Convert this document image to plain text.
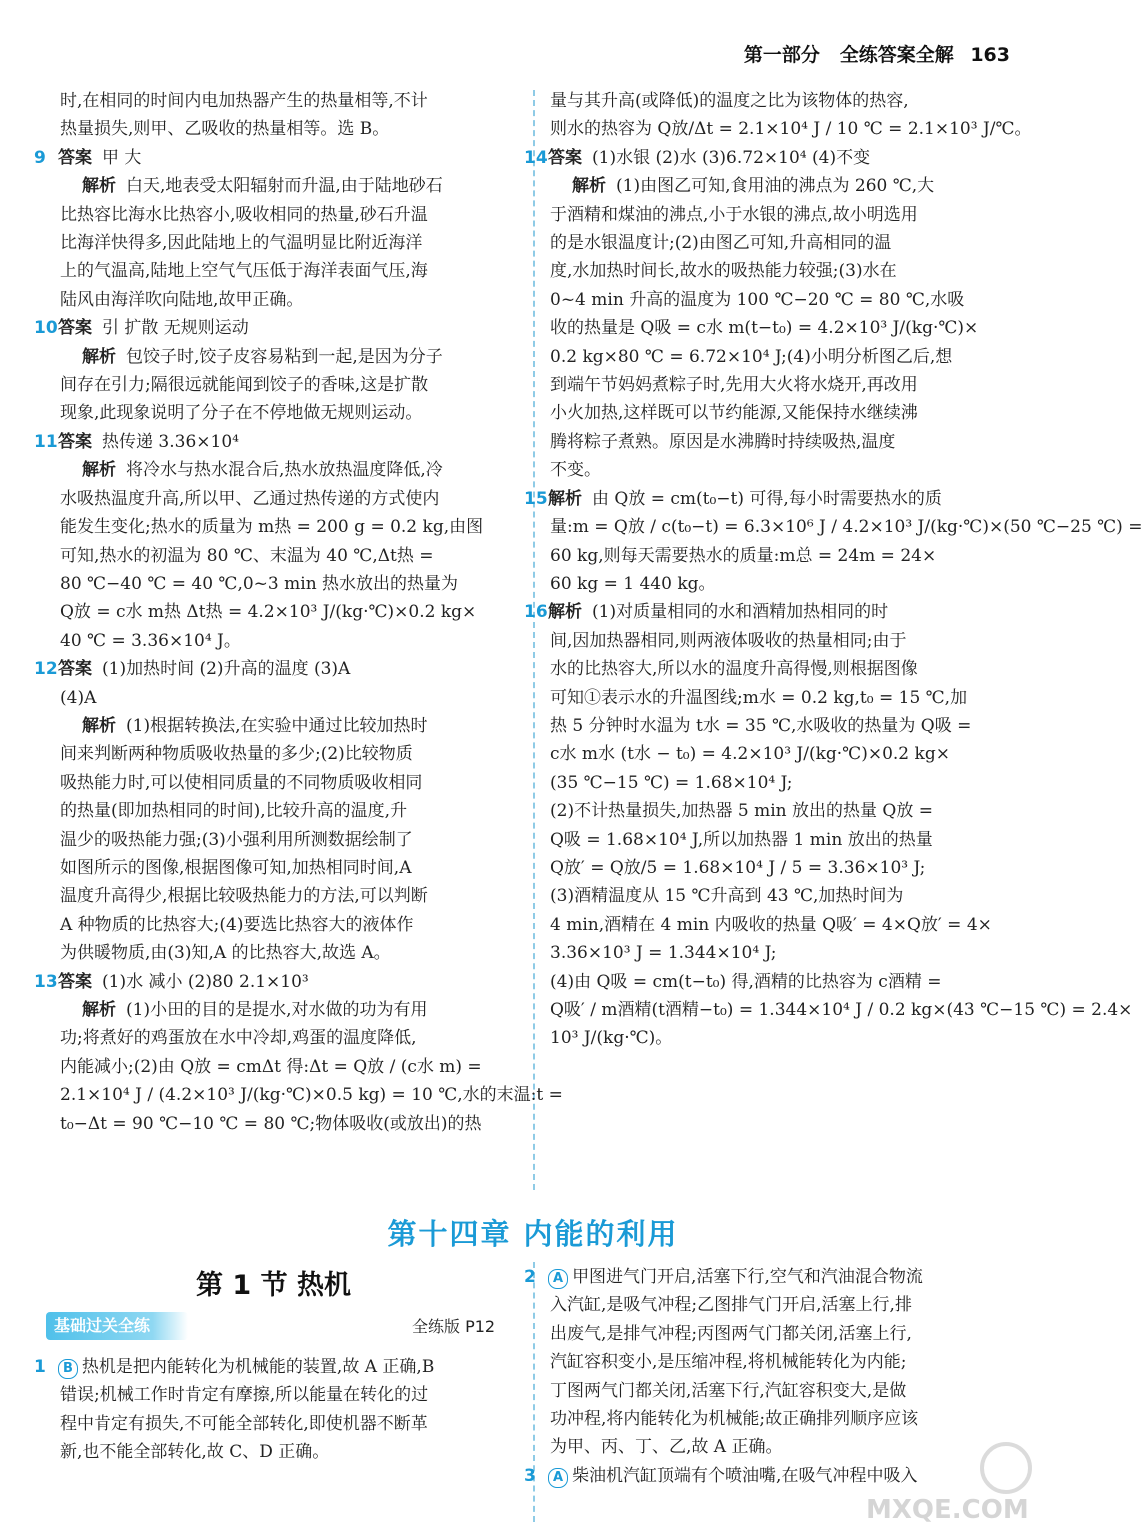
第一部分 全练答案全解 163
时,在相同的时间内电加热器产生的热量相等,不计
热量损失,则甲、乙吸收的热量相等。选 B。
9 答案 甲 大
解析 白天,地表受太阳辐射而升温,由于陆地砂石
比热容比海水比热容小,吸收相同的热量,砂石升温
比海洋快得多,因此陆地上的气温明显比附近海洋
上的气温高,陆地上空气气压低于海洋表面气压,海
陆风由海洋吹向陆地,故甲正确。
10答案 引 扩散 无规则运动
解析 包饺子时,饺子皮容易粘到一起,是因为分子
间存在引力;隔很远就能闻到饺子的香味,这是扩散
现象,此现象说明了分子在不停地做无规则运动。
11答案 热传递 3.36×10⁴
解析 将冷水与热水混合后,热水放热温度降低,冷
水吸热温度升高,所以甲、乙通过热传递的方式使内
能发生变化;热水的质量为 m热 = 200 g = 0.2 kg,由图
可知,热水的初温为 80 ℃、末温为 40 ℃,Δt热 =
80 ℃−40 ℃ = 40 ℃,0~3 min 热水放出的热量为
Q放 = c水 m热 Δt热 = 4.2×10³ J/(kg·℃)×0.2 kg×
40 ℃ = 3.36×10⁴ J。
12答案 (1)加热时间 (2)升高的温度 (3)A
(4)A
解析 (1)根据转换法,在实验中通过比较加热时
间来判断两种物质吸收热量的多少;(2)比较物质
吸热能力时,可以使相同质量的不同物质吸收相同
的热量(即加热相同的时间),比较升高的温度,升
温少的吸热能力强;(3)小强利用所测数据绘制了
如图所示的图像,根据图像可知,加热相同时间,A
温度升高得少,根据比较吸热能力的方法,可以判断
A 种物质的比热容大;(4)要选比热容大的液体作
为供暖物质,由(3)知,A 的比热容大,故选 A。
13答案 (1)水 减小 (2)80 2.1×10³
解析 (1)小田的目的是提水,对水做的功为有用
功;将煮好的鸡蛋放在水中冷却,鸡蛋的温度降低,
内能减小;(2)由 Q放 = cmΔt 得:Δt = Q放 / (c水 m) =
2.1×10⁴ J / (4.2×10³ J/(kg·℃)×0.5 kg) = 10 ℃,水的末温:t =
t₀−Δt = 90 ℃−10 ℃ = 80 ℃;物体吸收(或放出)的热
量与其升高(或降低)的温度之比为该物体的热容,
则水的热容为 Q放/Δt = 2.1×10⁴ J / 10 ℃ = 2.1×10³ J/℃。
14答案 (1)水银 (2)水 (3)6.72×10⁴ (4)不变
解析 (1)由图乙可知,食用油的沸点为 260 ℃,大
于酒精和煤油的沸点,小于水银的沸点,故小明选用
的是水银温度计;(2)由图乙可知,升高相同的温
度,水加热时间长,故水的吸热能力较强;(3)水在
0~4 min 升高的温度为 100 ℃−20 ℃ = 80 ℃,水吸
收的热量是 Q吸 = c水 m(t−t₀) = 4.2×10³ J/(kg·℃)×
0.2 kg×80 ℃ = 6.72×10⁴ J;(4)小明分析图乙后,想
到端午节妈妈煮粽子时,先用大火将水烧开,再改用
小火加热,这样既可以节约能源,又能保持水继续沸
腾将粽子煮熟。原因是水沸腾时持续吸热,温度
不变。
15解析 由 Q放 = cm(t₀−t) 可得,每小时需要热水的质
量:m = Q放 / c(t₀−t) = 6.3×10⁶ J / 4.2×10³ J/(kg·℃)×(50 ℃−25 ℃) =
60 kg,则每天需要热水的质量:m总 = 24m = 24×
60 kg = 1 440 kg。
16解析 (1)对质量相同的水和酒精加热相同的时
间,因加热器相同,则两液体吸收的热量相同;由于
水的比热容大,所以水的温度升高得慢,则根据图像
可知①表示水的升温图线;m水 = 0.2 kg,t₀ = 15 ℃,加
热 5 分钟时水温为 t水 = 35 ℃,水吸收的热量为 Q吸 =
c水 m水 (t水 − t₀) = 4.2×10³ J/(kg·℃)×0.2 kg×
(35 ℃−15 ℃) = 1.68×10⁴ J;
(2)不计热量损失,加热器 5 min 放出的热量 Q放 =
Q吸 = 1.68×10⁴ J,所以加热器 1 min 放出的热量
Q放′ = Q放/5 = 1.68×10⁴ J / 5 = 3.36×10³ J;
(3)酒精温度从 15 ℃升高到 43 ℃,加热时间为
4 min,酒精在 4 min 内吸收的热量 Q吸′ = 4×Q放′ = 4×
3.36×10³ J = 1.344×10⁴ J;
(4)由 Q吸 = cm(t−t₀) 得,酒精的比热容为 c酒精 =
Q吸′ / m酒精(t酒精−t₀) = 1.344×10⁴ J / 0.2 kg×(43 ℃−15 ℃) = 2.4×
10³ J/(kg·℃)。
第十四章 内能的利用
第 1 节 热机
基础过关全练	全练版 P12
1 B 热机是把内能转化为机械能的装置,故 A 正确,B
错误;机械工作时肯定有摩擦,所以能量在转化的过
程中肯定有损失,不可能全部转化,即使机器不断革
新,也不能全部转化,故 C、D 正确。
2 A 甲图进气门开启,活塞下行,空气和汽油混合物流
入汽缸,是吸气冲程;乙图排气门开启,活塞上行,排
出废气,是排气冲程;丙图两气门都关闭,活塞上行,
汽缸容积变小,是压缩冲程,将机械能转化为内能;
丁图两气门都关闭,活塞下行,汽缸容积变大,是做
功冲程,将内能转化为机械能;故正确排列顺序应该
为甲、丙、丁、乙,故 A 正确。
3 A 柴油机汽缸顶端有个喷油嘴,在吸气冲程中吸入
MXQE.COM
